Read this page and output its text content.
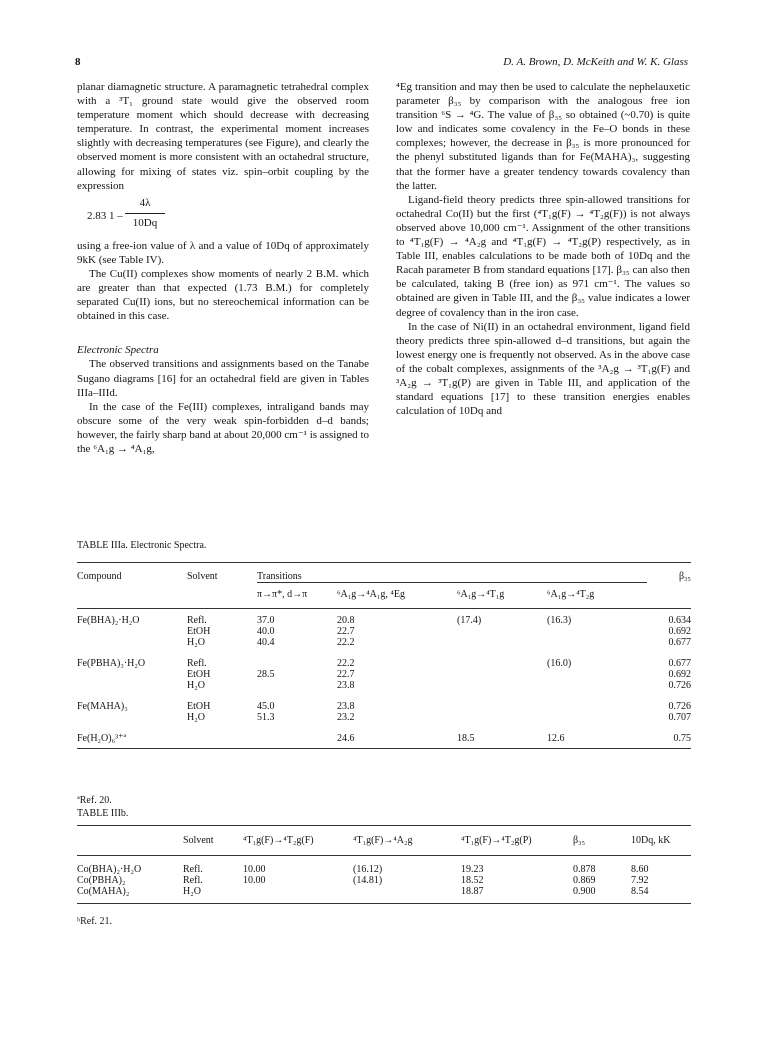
8	D. A. Brown, D. McKeith and W. K. Glass

planar diamagnetic structure. A paramagnetic tetrahedral complex with a ³T₁ ground state would give the observed room temperature moment which should decrease with decreasing temperature. In contrast, the experimental moment increases slightly with decreasing temperatures (see Figure), and clearly the observed moment is more consistent with an octahedral structure, allowing for mixing of states viz. spin–orbit coupling by the expression

2.83 1 –
4λ
10Dq

using a free-ion value of λ and a value of 10Dq of approximately 9kK (see Table IV).

The Cu(II) complexes show moments of nearly 2 B.M. which are greater than that expected (1.73 B.M.) for completely separated Cu(II) ions, but no stereochemical information can be obtained in this case.

Electronic Spectra

The observed transitions and assignments based on the Tanabe Sugano diagrams [16] for an octahedral field are given in Tables IIIa–IIId.

In the case of the Fe(III) complexes, intraligand bands may obscure some of the very weak spin-forbidden d–d bands; however, the fairly sharp band at about 20,000 cm⁻¹ is assigned to the ⁶A₁g → ⁴A₁g,

⁴Eg transition and may then be used to calculate the nephelauxetic parameter β₃₅ by comparison with the analogous free ion transition ⁶S → ⁴G. The value of β₃₅ so obtained (~0.70) is quite low and indicates some covalency in the Fe–O bonds in these complexes; however, the decrease in β₃₅ is more pronounced for the phenyl substituted ligands than for Fe(MAHA)₃, suggesting that the former have a greater tendency towards covalency than the latter.

Ligand-field theory predicts three spin-allowed transitions for octahedral Co(II) but the first (⁴T₁g(F) → ⁴T₂g(F)) is not always observed above 10,000 cm⁻¹. Assignment of the other transitions to ⁴T₁g(F) → ⁴A₂g and ⁴T₁g(F) → ⁴T₂g(P) respectively, as in Table III, enables calculations to be made both of 10Dq and the Racah parameter B from standard equations [17]. β₃₅ can also then be calculated, taking B (free ion) as 971 cm⁻¹. The values so obtained are given in Table III, and the β₃₅ value indicates a lower degree of covalency than in the iron case.

In the case of Ni(II) in an octahedral environment, ligand field theory predicts three spin-allowed d–d transitions, but again the lowest energy one is frequently not observed. As in the above case of the cobalt complexes, assignments of the ³A₂g → ³T₁g(F) and ³A₂g → ³T₁g(P) are given in Table III, and application of the standard equations [17] to these transition energies enables calculation of 10Dq and

TABLE IIIa. Electronic Spectra.
Compound	Solvent	Transitions				β₃₅
		π→π*, d→π	⁶A₁g→⁴A₁g, ⁴Eg	⁶A₁g→⁴T₁g	⁶A₁g→⁴T₂g	
Fe(BHA)₂·H₂O	Refl.	37.0	20.8	(17.4)	(16.3)	0.634
	EtOH	40.0	22.7			0.692
	H₂O	40.4	22.2			0.677
Fe(PBHA)₃·H₂O	Refl.		22.2		(16.0)	0.677
	EtOH	28.5	22.7			0.692
	H₂O		23.8			0.726
Fe(MAHA)₃	EtOH	45.0	23.8			0.726
	H₂O	51.3	23.2			0.707
Fe(H₂O)₆³⁺ª			24.6	18.5	12.6	0.75

ªRef. 20.
TABLE IIIb.
	Solvent	⁴T₁g(F)→⁴T₂g(F)	⁴T₁g(F)→⁴A₂g	⁴T₁g(F)→⁴T₂g(P)	β₃₅	10Dq, kK
Co(BHA)₂·H₂O	Refl.	10.00	(16.12)	19.23	0.878	8.60
Co(PBHA)₂	Refl.	10.00	(14.81)	18.52	0.869	7.92
Co(MAHA)₂	H₂O			18.87	0.900	8.54

ᵇRef. 21.
